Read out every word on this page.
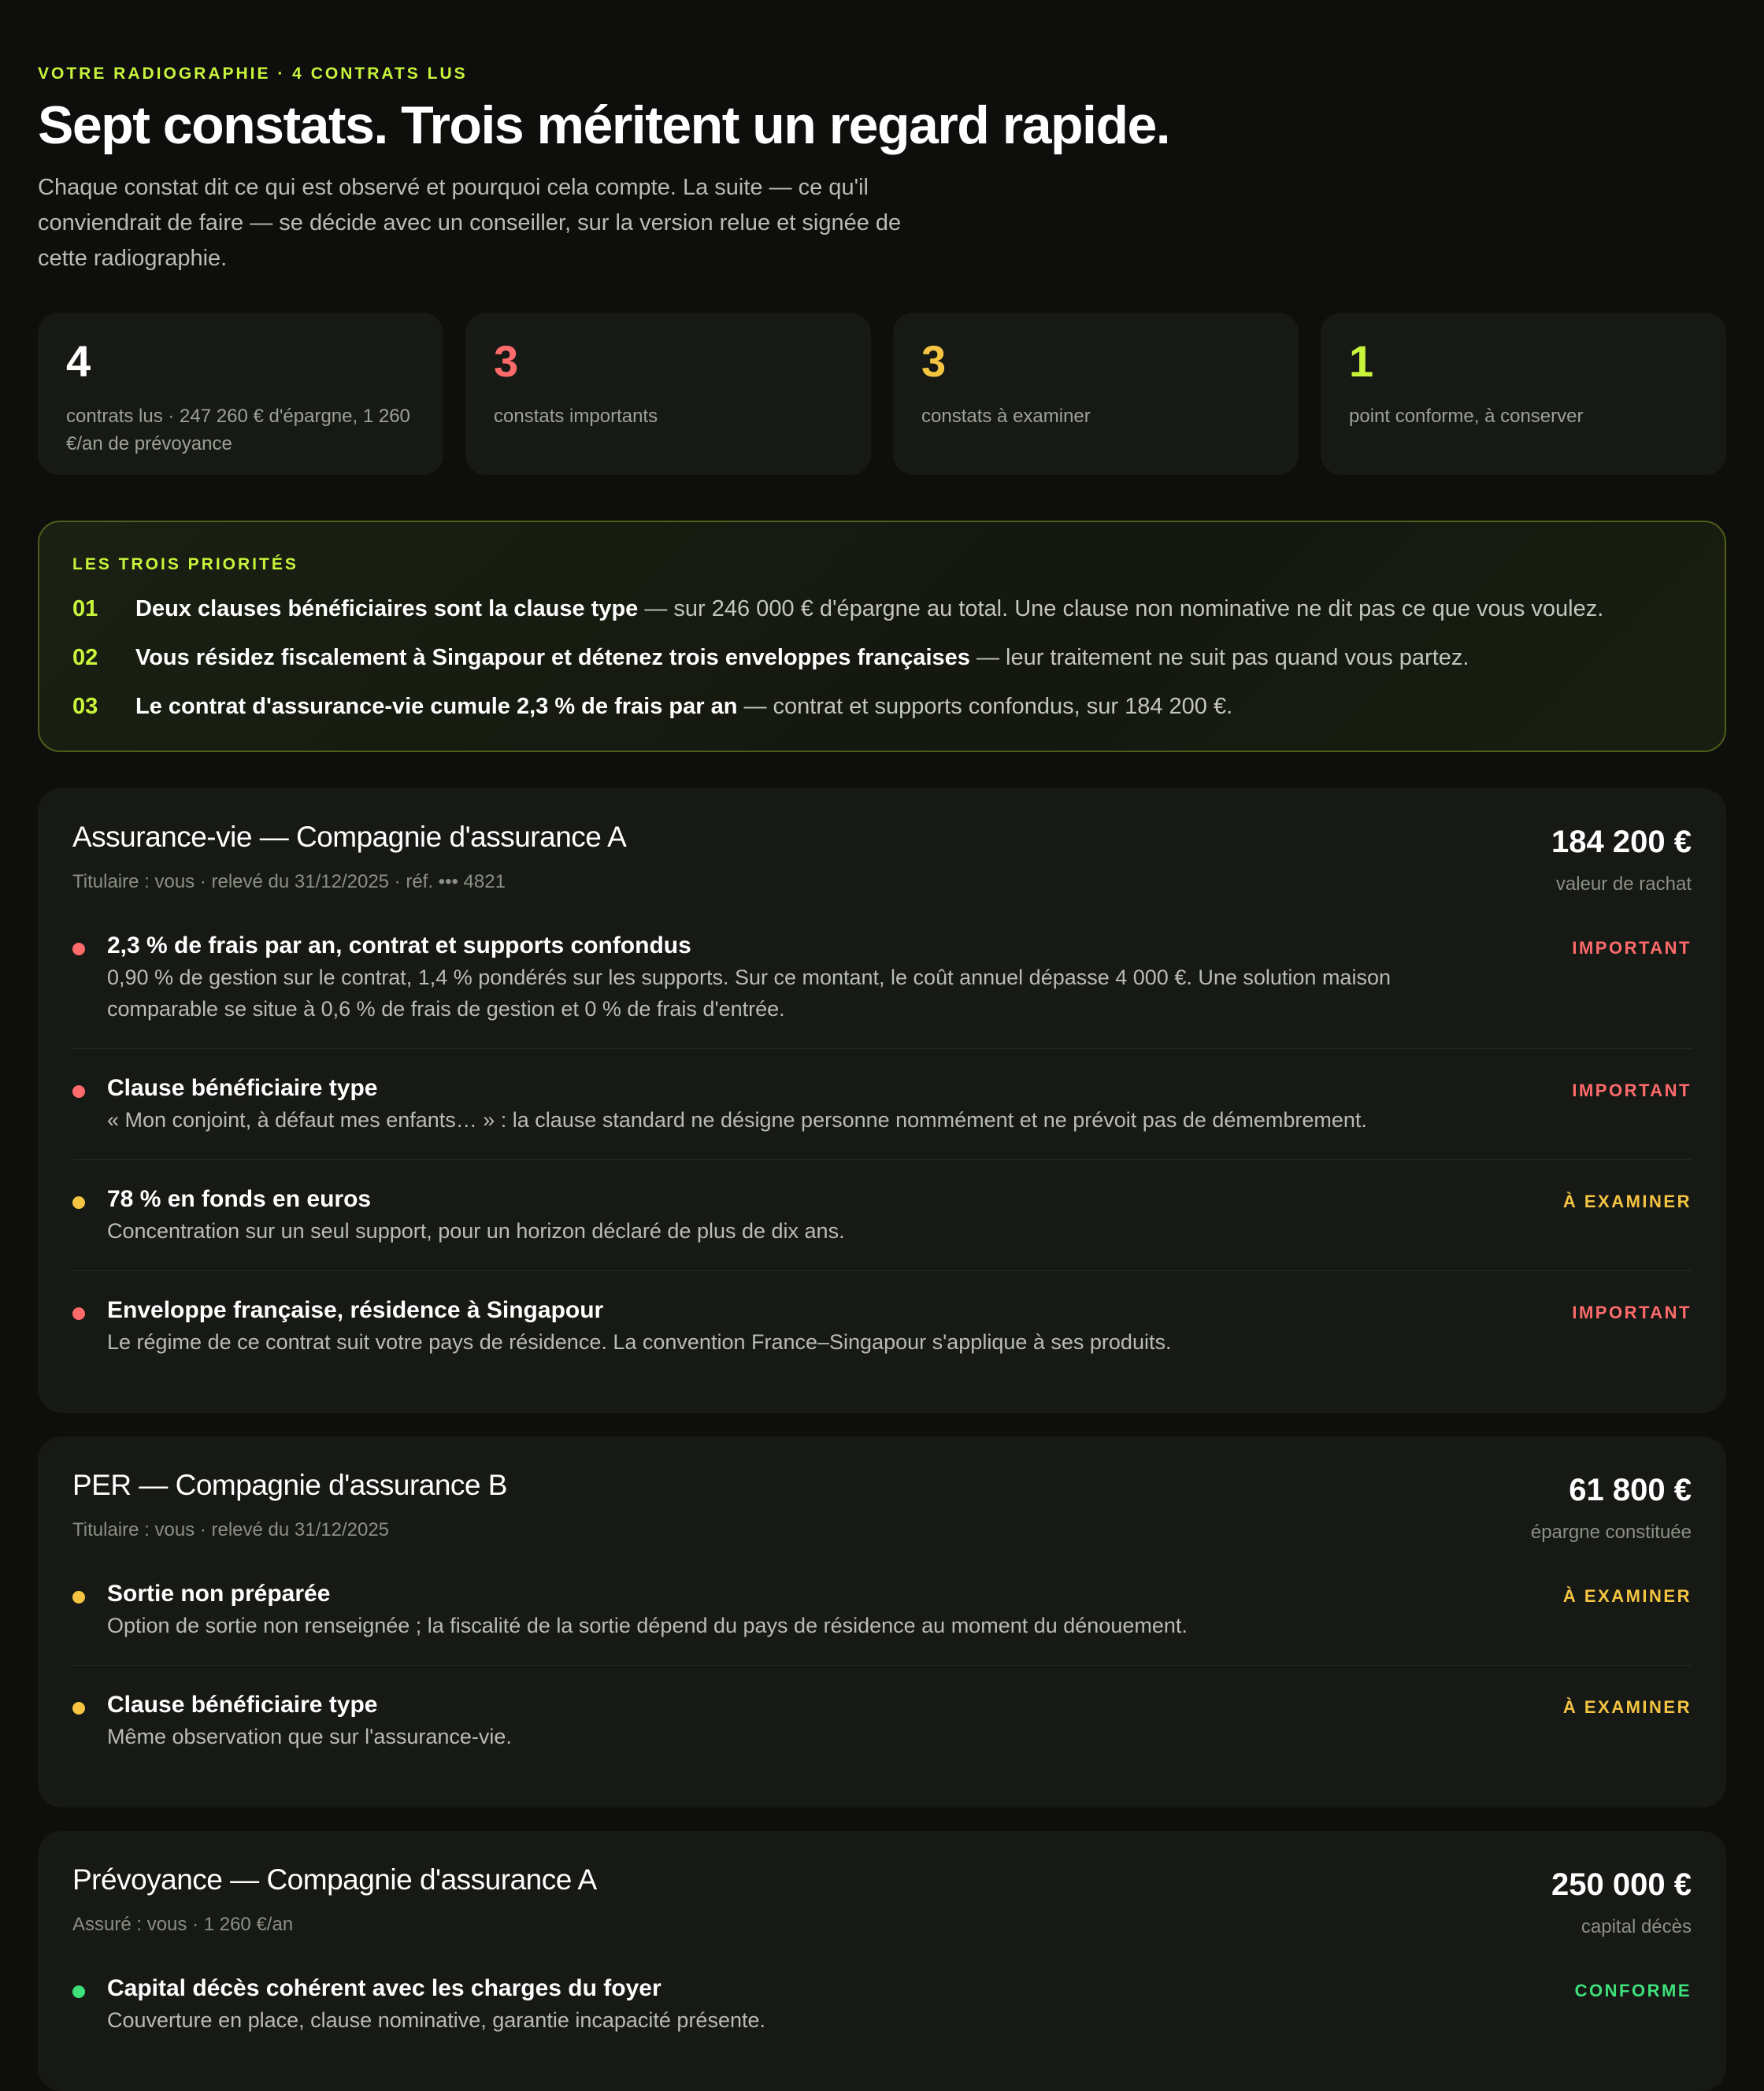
VOTRE RADIOGRAPHIE · 4 CONTRATS LUS

Sept constats. Trois méritent un regard rapide.

Chaque constat dit ce qui est observé et pourquoi cela compte. La suite — ce qu'il conviendrait de faire — se décide avec un conseiller, sur la version relue et signée de cette radiographie.

4
contrats lus · 247 260 € d'épargne, 1 260 €/an de prévoyance
3
constats importants
3
constats à examiner
1
point conforme, à conserver
LES TROIS PRIORITÉS
01	Deux clauses bénéficiaires sont la clause type — sur 246 000 € d'épargne au total. Une clause non nominative ne dit pas ce que vous voulez.
02	Vous résidez fiscalement à Singapour et détenez trois enveloppes françaises — leur traitement ne suit pas quand vous partez.
03	Le contrat d'assurance-vie cumule 2,3 % de frais par an — contrat et supports confondus, sur 184 200 €.
Assurance-vie — Compagnie d'assurance A
Titulaire : vous · relevé du 31/12/2025 · réf. ••• 4821
184 200 €
valeur de rachat
2,3 % de frais par an, contrat et supports confondus
0,90 % de gestion sur le contrat, 1,4 % pondérés sur les supports. Sur ce montant, le coût annuel dépasse 4 000 €. Une solution maison comparable se situe à 0,6 % de frais de gestion et 0 % de frais d'entrée.
IMPORTANT
Clause bénéficiaire type
« Mon conjoint, à défaut mes enfants… » : la clause standard ne désigne personne nommément et ne prévoit pas de démembrement.
IMPORTANT
78 % en fonds en euros
Concentration sur un seul support, pour un horizon déclaré de plus de dix ans.
À EXAMINER
Enveloppe française, résidence à Singapour
Le régime de ce contrat suit votre pays de résidence. La convention France–Singapour s'applique à ses produits.
IMPORTANT
PER — Compagnie d'assurance B
Titulaire : vous · relevé du 31/12/2025
61 800 €
épargne constituée
Sortie non préparée
Option de sortie non renseignée ; la fiscalité de la sortie dépend du pays de résidence au moment du dénouement.
À EXAMINER
Clause bénéficiaire type
Même observation que sur l'assurance-vie.
À EXAMINER
Prévoyance — Compagnie d'assurance A
Assuré : vous · 1 260 €/an
250 000 €
capital décès
Capital décès cohérent avec les charges du foyer
Couverture en place, clause nominative, garantie incapacité présente.
CONFORME
